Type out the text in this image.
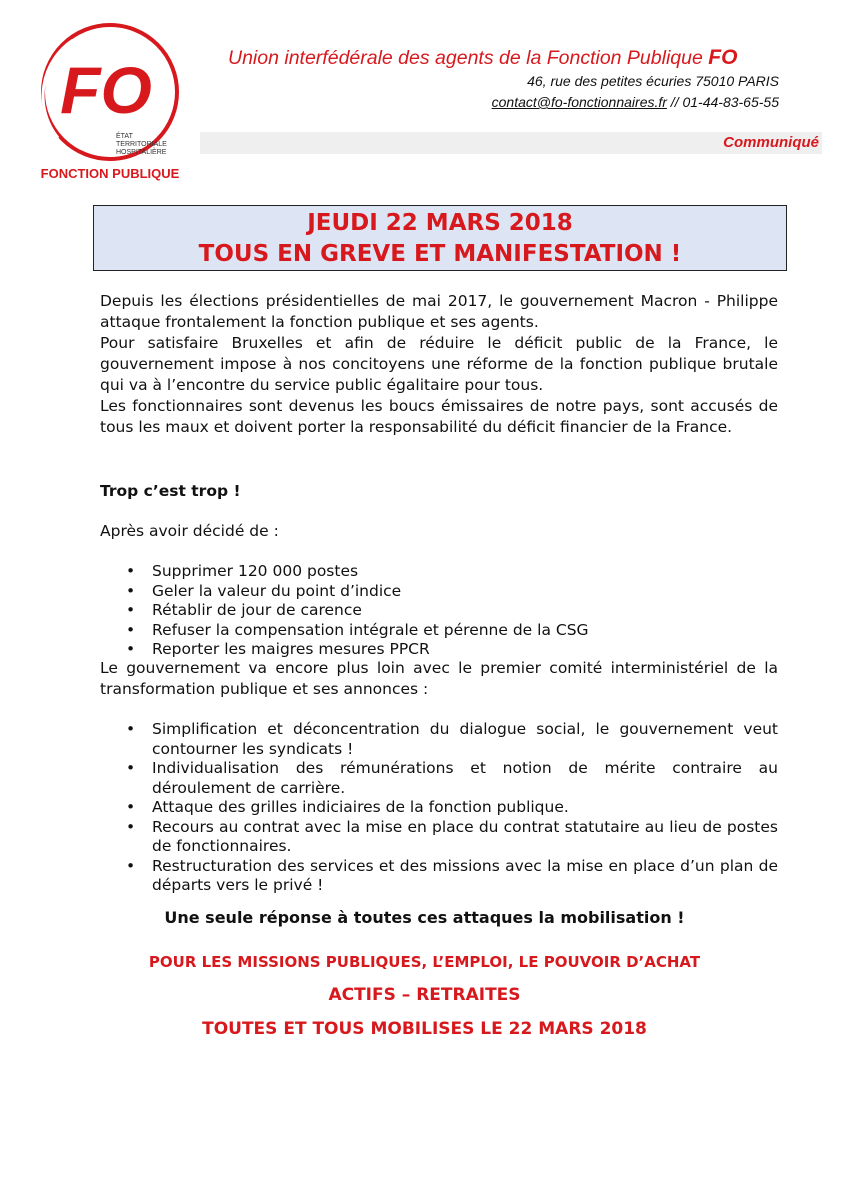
FO
ÉTAT
TERRITORIALE
HOSPITALIÈRE
FONCTION PUBLIQUE
Union interfédérale des agents de la Fonction Publique FO
46, rue des petites écuries 75010 PARIS
contact@fo-fonctionnaires.fr // 01-44-83-65-55
Communiqué
JEUDI 22 MARS 2018
TOUS EN GREVE ET MANIFESTATION !

Depuis les élections présidentielles de mai 2017, le gouvernement Macron - Philippe attaque frontalement la fonction publique et ses agents.

Pour satisfaire Bruxelles et afin de réduire le déficit public de la France, le gouvernement impose à nos concitoyens une réforme de la fonction publique brutale qui va à l’encontre du service public égalitaire pour tous.

Les fonctionnaires sont devenus les boucs émissaires de notre pays, sont accusés de tous les maux et doivent porter la responsabilité du déficit financier de la France.

Trop c’est trop !
Après avoir décidé de :
• Supprimer 120 000 postes
• Geler la valeur du point d’indice
• Rétablir de jour de carence
• Refuser la compensation intégrale et pérenne de la CSG
• Reporter les maigres mesures PPCR
Le gouvernement va encore plus loin avec le premier comité interministériel de la transformation publique et ses annonces :
• Simplification et déconcentration du dialogue social, le gouvernement veut contourner les syndicats !
• Individualisation des rémunérations et notion de mérite contraire au déroulement de carrière.
• Attaque des grilles indiciaires de la fonction publique.
• Recours au contrat avec la mise en place du contrat statutaire au lieu de postes de fonctionnaires.
• Restructuration des services et des missions avec la mise en place d’un plan de départs vers le privé !
Une seule réponse à toutes ces attaques la mobilisation !
POUR LES MISSIONS PUBLIQUES, L’EMPLOI, LE POUVOIR D’ACHAT
ACTIFS – RETRAITES
TOUTES ET TOUS MOBILISES LE 22 MARS 2018
